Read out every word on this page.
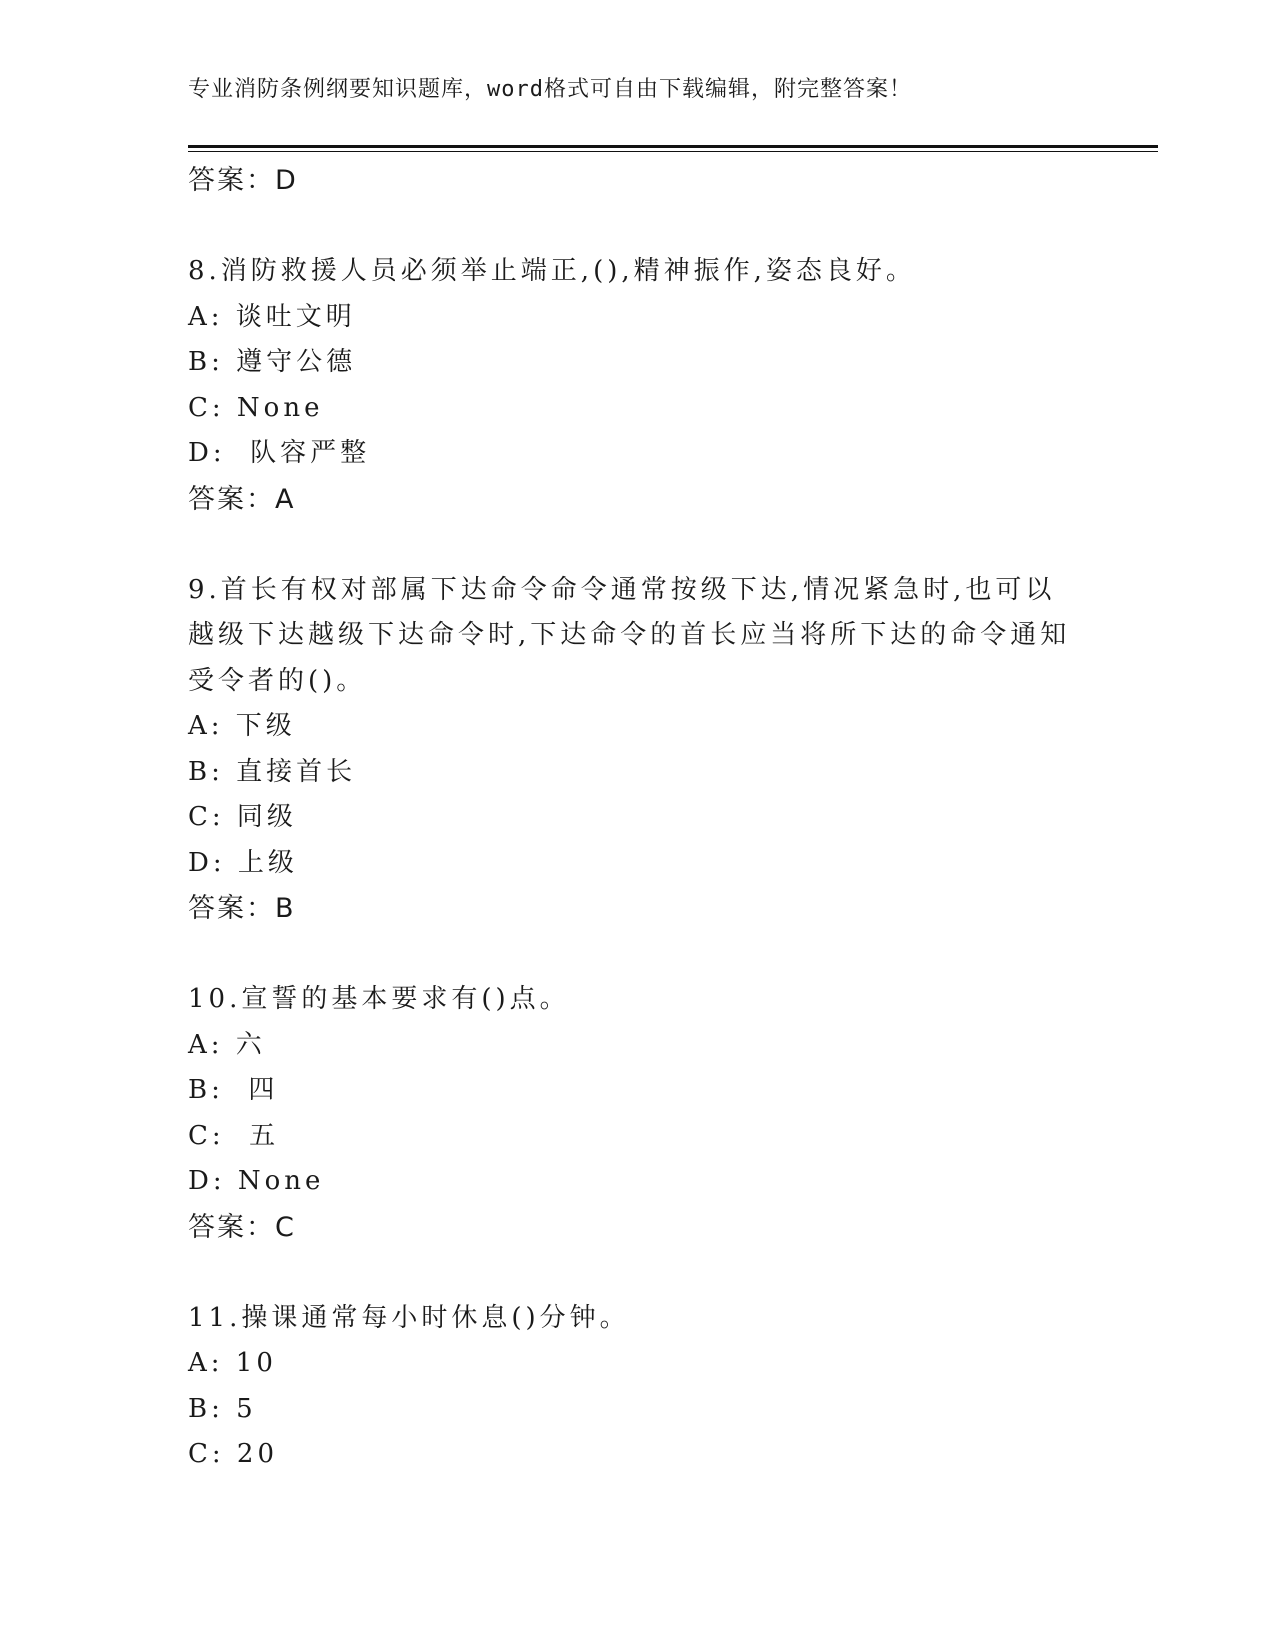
专业消防条例纲要知识题库，word格式可自由下载编辑，附完整答案！
答案：D
8.消防救援人员必须举止端正,(),精神振作,姿态良好。
A: 谈吐文明
B: 遵守公德
C: None
D:  队容严整
答案：A
9.首长有权对部属下达命令命令通常按级下达,情况紧急时,也可以 越级下达越级下达命令时,下达命令的首长应当将所下达的命令通知受令者的()。
A: 下级
B: 直接首长
C: 同级
D: 上级
答案：B
10.宣誓的基本要求有()点。
A: 六
B:  四
C:  五
D: None
答案：C
11.操课通常每小时休息()分钟。
A: 10
B: 5
C: 20
